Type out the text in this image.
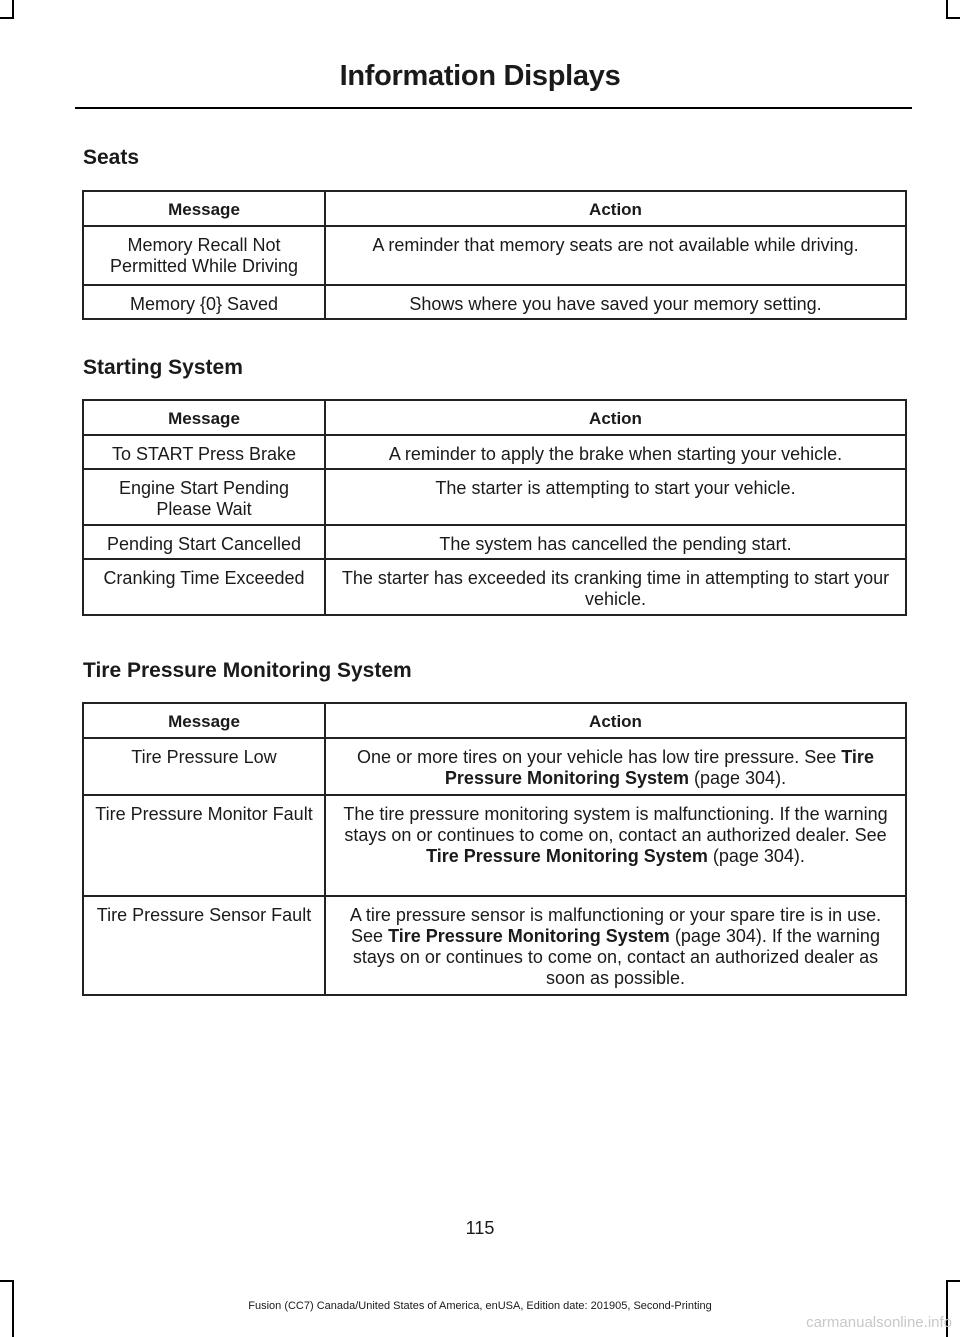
Information Displays
Seats
Message	Action
Memory Recall Not Permitted While Driving	A reminder that memory seats are not available while driving.
Memory {0} Saved	Shows where you have saved your memory setting.
Starting System
Message	Action
To START Press Brake	A reminder to apply the brake when starting your vehicle.
Engine Start Pending Please Wait	The starter is attempting to start your vehicle.
Pending Start Cancelled	The system has cancelled the pending start.
Cranking Time Exceeded	The starter has exceeded its cranking time in attempting to start your vehicle.
Tire Pressure Monitoring System
Message	Action
Tire Pressure Low	One or more tires on your vehicle has low tire pressure. See Tire Pressure Monitoring System (page 304).
Tire Pressure Monitor Fault	The tire pressure monitoring system is malfunctioning. If the warning stays on or continues to come on, contact an authorized dealer. See Tire Pressure Monitoring System (page 304).
Tire Pressure Sensor Fault	A tire pressure sensor is malfunctioning or your spare tire is in use. See Tire Pressure Monitoring System (page 304). If the warning stays on or continues to come on, contact an authorized dealer as soon as possible.
115
Fusion (CC7) Canada/United States of America, enUSA, Edition date: 201905, Second-Printing
carmanualsonline.info
